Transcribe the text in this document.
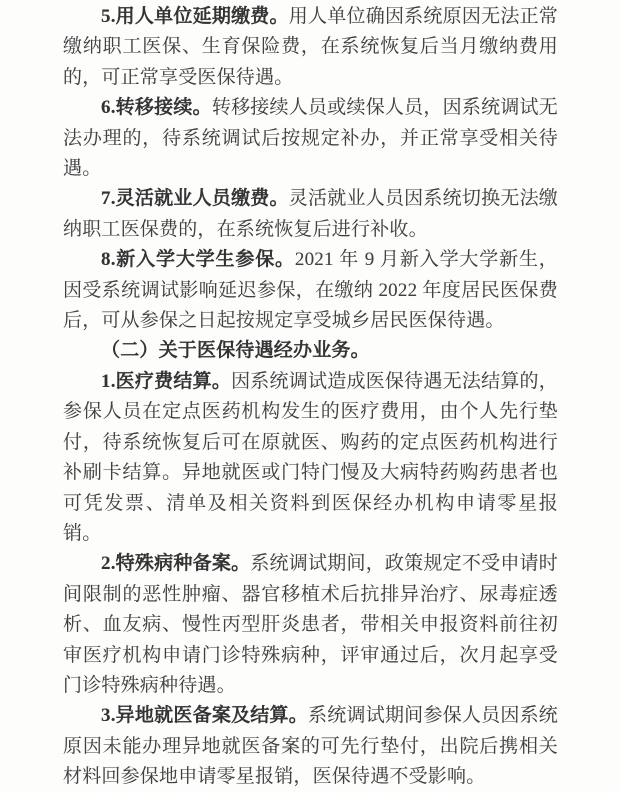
5.用人单位延期缴费。用人单位确因系统原因无法正常缴纳职工医保、生育保险费，在系统恢复后当月缴纳费用的，可正常享受医保待遇。

6.转移接续。转移接续人员或续保人员，因系统调试无法办理的，待系统调试后按规定补办，并正常享受相关待遇。

7.灵活就业人员缴费。灵活就业人员因系统切换无法缴纳职工医保费的，在系统恢复后进行补收。

8.新入学大学生参保。2021 年 9 月新入学大学新生，因受系统调试影响延迟参保，在缴纳 2022 年度居民医保费后，可从参保之日起按规定享受城乡居民医保待遇。

（二）关于医保待遇经办业务。

1.医疗费结算。因系统调试造成医保待遇无法结算的，参保人员在定点医药机构发生的医疗费用，由个人先行垫付，待系统恢复后可在原就医、购药的定点医药机构进行补刷卡结算。异地就医或门特门慢及大病特药购药患者也可凭发票、清单及相关资料到医保经办机构申请零星报销。

2.特殊病种备案。系统调试期间，政策规定不受申请时间限制的恶性肿瘤、器官移植术后抗排异治疗、尿毒症透析、血友病、慢性丙型肝炎患者，带相关申报资料前往初审医疗机构申请门诊特殊病种，评审通过后，次月起享受门诊特殊病种待遇。

3.异地就医备案及结算。系统调试期间参保人员因系统原因未能办理异地就医备案的可先行垫付，出院后携相关材料回参保地申请零星报销，医保待遇不受影响。
